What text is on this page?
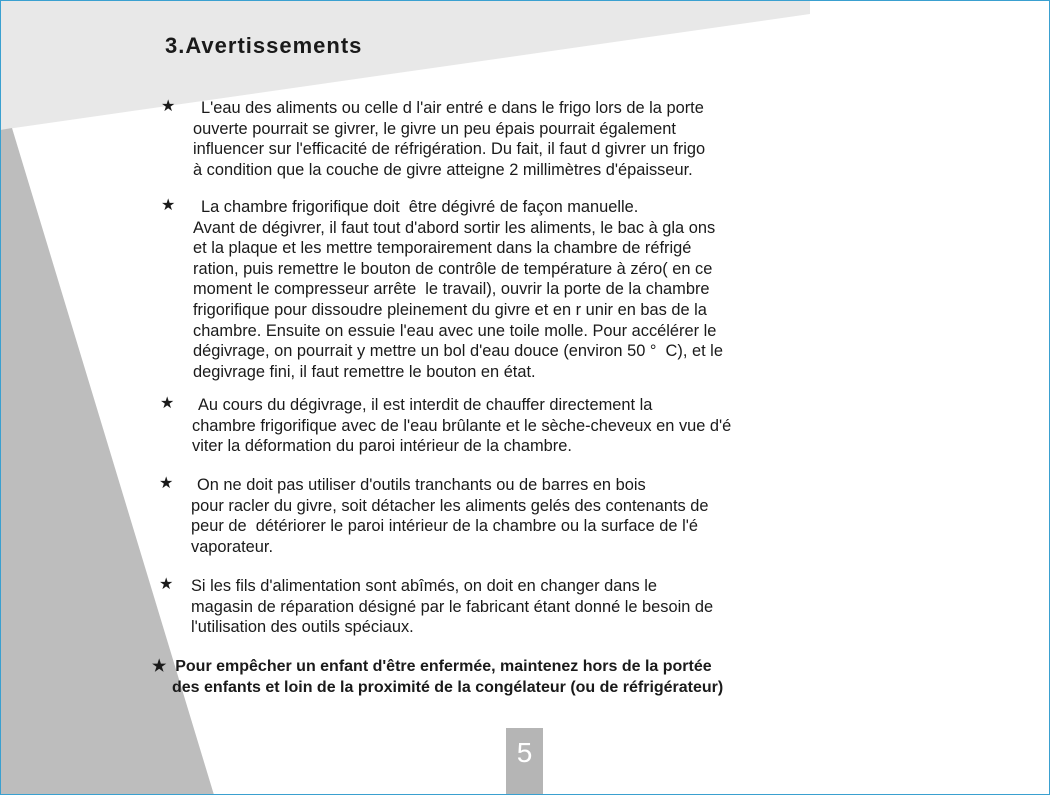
3.Avertissements
★	L'eau des aliments ou celle d l'air entré e dans le frigo lors de la porte

ouverte pourrait se givrer, le givre un peu épais pourrait également

influencer sur l'efficacité de réfrigération. Du fait, il faut d givrer un frigo

à condition que la couche de givre atteigne 2 millimètres d'épaisseur.

★	La chambre frigorifique doit  être dégivré de façon manuelle.

Avant de dégivrer, il faut tout d'abord sortir les aliments, le bac à gla ons

et la plaque et les mettre temporairement dans la chambre de réfrigé

ration, puis remettre le bouton de contrôle de température à zéro( en ce

moment le compresseur arrête  le travail), ouvrir la porte de la chambre

frigorifique pour dissoudre pleinement du givre et en r unir en bas de la

chambre. Ensuite on essuie l'eau avec une toile molle. Pour accélérer le

dégivrage, on pourrait y mettre un bol d'eau douce (environ 50 °  C), et le

degivrage fini, il faut remettre le bouton en état.

★	Au cours du dégivrage, il est interdit de chauffer directement la

chambre frigorifique avec de l'eau brûlante et le sèche-cheveux en vue d'é

viter la déformation du paroi intérieur de la chambre.

★	On ne doit pas utiliser d'outils tranchants ou de barres en bois

pour racler du givre, soit détacher les aliments gelés des contenants de

peur de  détériorer le paroi intérieur de la chambre ou la surface de l'é

vaporateur.

★ Si les fils d'alimentation sont abîmés, on doit en changer dans le

magasin de réparation désigné par le fabricant étant donné le besoin de

l'utilisation des outils spéciaux.

★  Pour empêcher un enfant d'être enfermée, maintenez hors de la portée

des enfants et loin de la proximité de la congélateur (ou de réfrigérateur)

5
